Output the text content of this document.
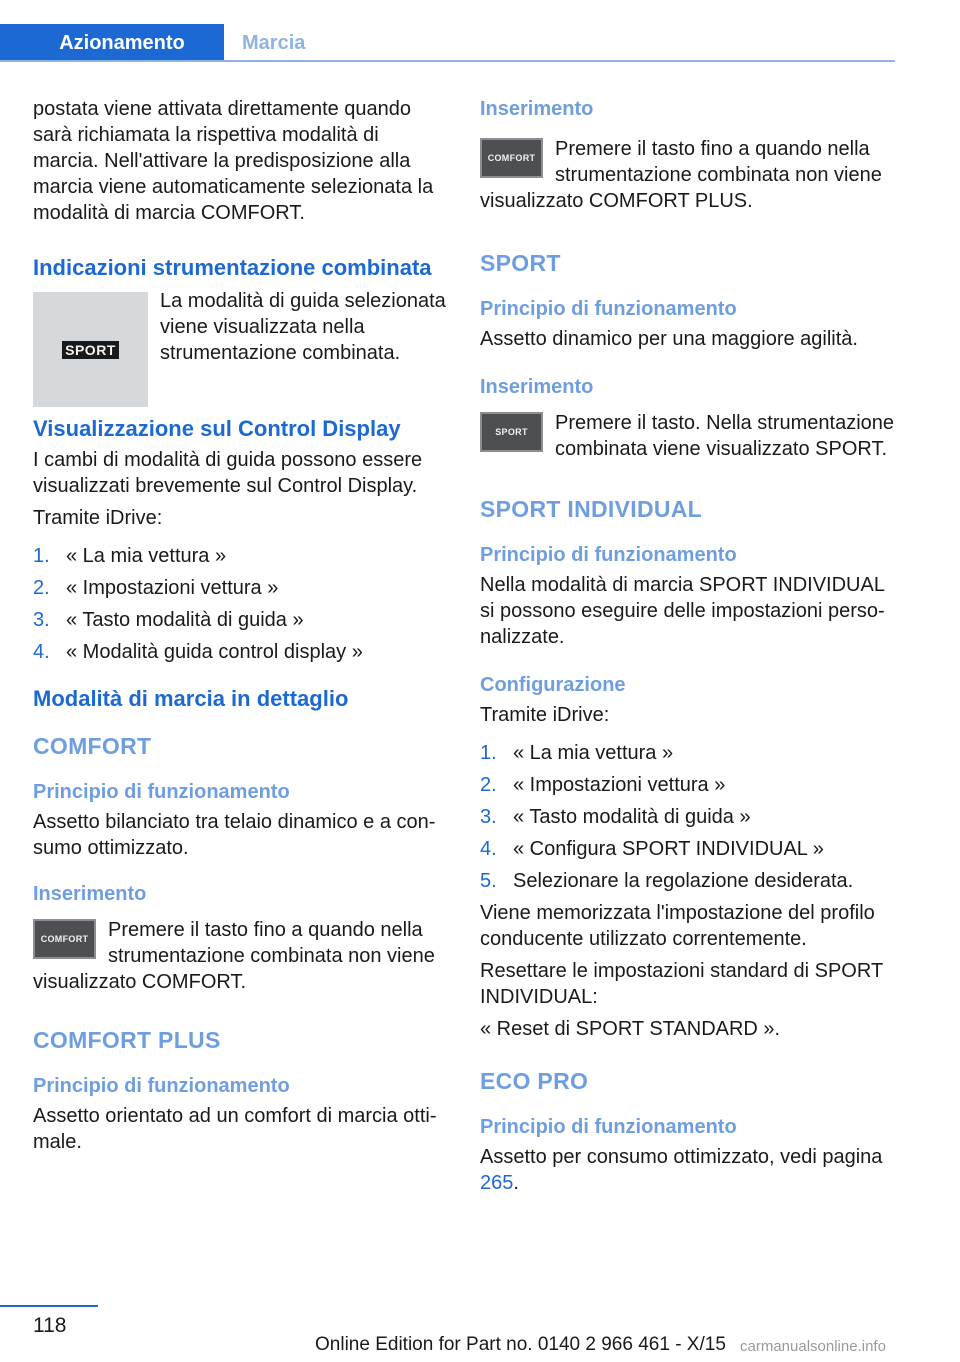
Azionamento	Marcia

postata viene attivata direttamente quando sarà richiamata la rispettiva modalità di marcia. Nell'attivare la predisposizione alla marcia viene automaticamente selezionata la modalità di marcia COMFORT.

Indicazioni strumentazione combinata
SPORT

La modalità di guida selezionata viene visualizzata nella strumentazione combinata.

Visualizzazione sul Control Display

I cambi di modalità di guida possono essere visualizzati brevemente sul Control Display.

Tramite iDrive:

1. « La mia vettura »
2. « Impostazioni vettura »
3. « Tasto modalità di guida »
4. « Modalità guida control display »
Modalità di marcia in dettaglio
COMFORT
Principio di funzionamento

Assetto bilanciato tra telaio dinamico e a consumo ottimizzato.

Inserimento
COMFORT Premere il tasto fino a quando nella strumentazione combinata non viene visualizzato COMFORT.

COMFORT PLUS
Principio di funzionamento

Assetto orientato ad un comfort di marcia ottimale.

Inserimento
COMFORT Premere il tasto fino a quando nella strumentazione combinata non viene visualizzato COMFORT PLUS.

SPORT
Principio di funzionamento

Assetto dinamico per una maggiore agilità.

Inserimento
SPORT	Premere il tasto. Nella strumentazione combinata viene visualizzato SPORT.

SPORT INDIVIDUAL
Principio di funzionamento

Nella modalità di marcia SPORT INDIVIDUAL si possono eseguire delle impostazioni personalizzate.

Configurazione

Tramite iDrive:

1. « La mia vettura »
2. « Impostazioni vettura »
3. « Tasto modalità di guida »
4. « Configura SPORT INDIVIDUAL »
5. Selezionare la regolazione desiderata.

Viene memorizzata l'impostazione del profilo conducente utilizzato correntemente.

Resettare le impostazioni standard di SPORT INDIVIDUAL:

« Reset di SPORT STANDARD ».

ECO PRO
Principio di funzionamento

Assetto per consumo ottimizzato, vedi pagina 265.

118
Online Edition for Part no. 0140 2 966 461 - X/15 carmanualsonline.info
